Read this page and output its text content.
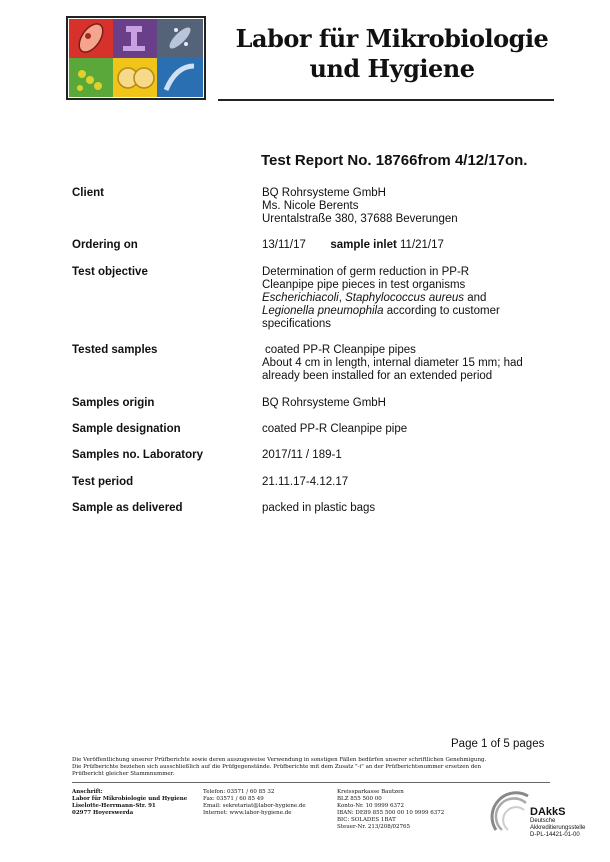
Labor für Mikrobiologie
und Hygiene
Test Report No. 18766from 4/12/17on.
Client	BQ Rohrsysteme GmbH
Ms. Nicole Berents
Urentalstraße 380, 37688 Beverungen
Ordering on	13/11/17 sample inlet 11/21/17
Test objective	Determination of germ reduction in PP-R
Cleanpipe pipe pieces in test organisms
Escherichiacoli, Staphylococcus aureus and
Legionella pneumophila according to customer specifications
Tested samples	coated PP-R Cleanpipe pipes
About 4 cm in length, internal diameter 15 mm; had already been installed for an extended period
Samples origin	BQ Rohrsysteme GmbH
Sample designation	coated PP-R Cleanpipe pipe
Samples no. Laboratory	2017/11 / 189-1
Test period	21.11.17-4.12.17
Sample as delivered	packed in plastic bags
Page 1 of 5 pages
Die Veröffentlichung unserer Prüfberichte sowie deren auszugsweise Verwendung in sonstigen Fällen bedürfen unserer schriftlichen Genehmigung.
Die Prüfberichte beziehen sich ausschließlich auf die Prüfgegenstände. Prüfberichte mit dem Zusatz "-i" an der Prüfberichtsnummer ersetzen den
Prüfbericht gleicher Stammnummer.
Anschrift:
Labor für Mikrobiologie und Hygiene
Liselotte-Herrmann-Str. 91
02977 Hoyerswerda
Telefon: 03571 / 60 85 32
Fax: 03571 / 60 85 49
Email: sekretariat@labor-hygiene.de
Internet: www.labor-hygiene.de
Kreissparkasse Bautzen
BLZ 855 500 00
Konto-Nr. 10 9999 6372
IBAN: DE89 855 500 00 10 9999 6372
BIC: SOLADES 1BAT
Steuer-Nr. 213/208/02765
DAkkS
Deutsche
Akkreditierungsstelle
D-PL-14421-01-00
